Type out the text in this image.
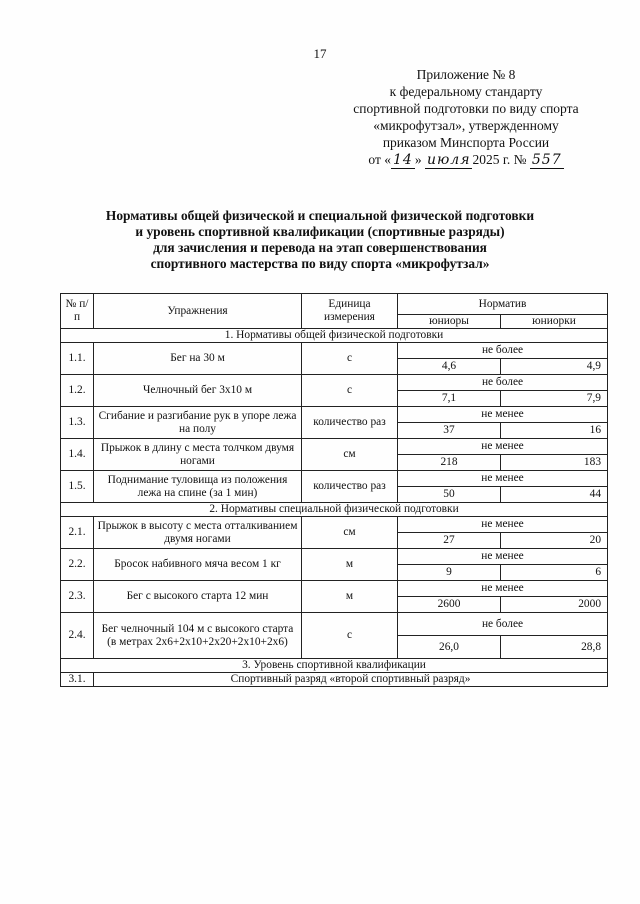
17
Приложение № 8
к федеральному стандарту
спортивной подготовки по виду спорта
«микрофутзал», утвержденному
приказом Минспорта России
от « 14 » июля 2025 г. № 557
Нормативы общей физической и специальной физической подготовки
и уровень спортивной квалификации (спортивные разряды)
для зачисления и перевода на этап совершенствования
спортивного мастерства по виду спорта «микрофутзал»
№ п/п	Упражнения	Единица измерения	Норматив	
			юниоры	юниорки
1. Нормативы общей физической подготовки				
1.1.	Бег на 30 м	с	не более	
			4,6	4,9
1.2.	Челночный бег 3х10 м	с	не более	
			7,1	7,9
1.3.	Сгибание и разгибание рук в упоре лежа на полу	количество раз	не менее	
			37	16
1.4.	Прыжок в длину с места толчком двумя ногами	см	не менее	
			218	183
1.5.	Поднимание туловища из положения лежа на спине (за 1 мин)	количество раз	не менее	
			50	44
2. Нормативы специальной физической подготовки				
2.1.	Прыжок в высоту с места отталкиванием двумя ногами	см	не менее	
			27	20
2.2.	Бросок набивного мяча весом 1 кг	м	не менее	
			9	6
2.3.	Бег с высокого старта 12 мин	м	не менее	
			2600	2000
2.4.	Бег челночный 104 м с высокого старта (в метрах 2х6+2х10+2х20+2х10+2х6)	с	не более	
			26,0	28,8
3. Уровень спортивной квалификации				
3.1.	Спортивный разряд «второй спортивный разряд»			
